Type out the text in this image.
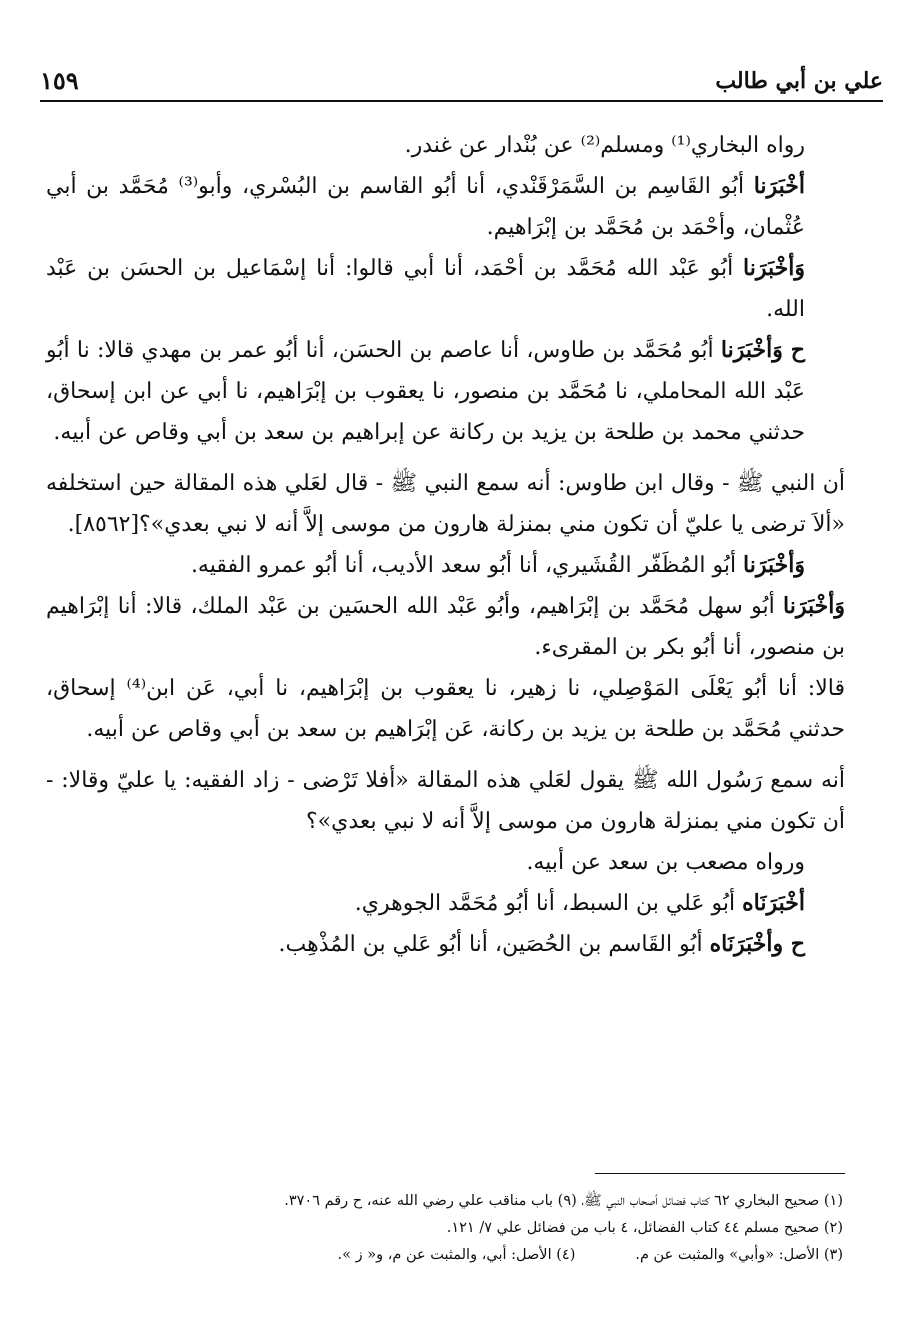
علي بن أبي طالب
١٥٩

رواه البخاري⁽¹⁾ ومسلم⁽²⁾ عن بُنْدار عن غندر.

أخْبَرَنا أبُو القَاسِم بن السَّمَرْقَنْدي، أنا أبُو القاسم بن البُسْري، وأبو⁽³⁾ مُحَمَّد بن أبي عُثْمان، وأحْمَد بن مُحَمَّد بن إبْرَاهيم.

وَأخْبَرَنا أبُو عَبْد الله مُحَمَّد بن أحْمَد، أنا أبي قالوا: أنا إسْمَاعيل بن الحسَن بن عَبْد الله.

ح وَأخْبَرَنا أبُو مُحَمَّد بن طاوس، أنا عاصم بن الحسَن، أنا أبُو عمر بن مهدي قالا: نا أبُو عَبْد الله المحاملي، نا مُحَمَّد بن منصور، نا يعقوب بن إبْرَاهيم، نا أبي عن ابن إسحاق، حدثني محمد بن طلحة بن يزيد بن ركانة عن إبراهيم بن سعد بن أبي وقاص عن أبيه.

أن النبي ﷺ - وقال ابن طاوس: أنه سمع النبي ﷺ - قال لعَلي هذه المقالة حين استخلفه «ألاَ ترضى يا عليّ أن تكون مني بمنزلة هارون من موسى إلاَّ أنه لا نبي بعدي»؟[٨٥٦٢].

وَأخْبَرَنا أبُو المُظَفّر القُشَيري، أنا أبُو سعد الأديب، أنا أبُو عمرو الفقيه.

وَأخْبَرَنا أبُو سهل مُحَمَّد بن إبْرَاهيم، وأبُو عَبْد الله الحسَين بن عَبْد الملك، قالا: أنا إبْرَاهيم بن منصور، أنا أبُو بكر بن المقرىء.

قالا: أنا أبُو يَعْلَى المَوْصِلي، نا زهير، نا يعقوب بن إبْرَاهيم، نا أبي، عَن ابن⁽⁴⁾ إسحاق، حدثني مُحَمَّد بن طلحة بن يزيد بن ركانة، عَن إبْرَاهيم بن سعد بن أبي وقاص عن أبيه.

أنه سمع رَسُول الله ﷺ يقول لعَلي هذه المقالة «أفلا تَرْضى - زاد الفقيه: يا عليّ وقالا: - أن تكون مني بمنزلة هارون من موسى إلاَّ أنه لا نبي بعدي»؟

ورواه مصعب بن سعد عن أبيه.

أخْبَرَنَاه أبُو عَلي بن السبط، أنا أبُو مُحَمَّد الجوهري.

ح وأخْبَرَنَاه أبُو القَاسم بن الحُصَين، أنا أبُو عَلي بن المُذْهِب.

(١) صحيح البخاري ٦٢ كتاب فضائل أصحاب النبي ﷺ، (٩) باب مناقب علي رضي الله عنه، ح رقم ٣٧٠٦.

(٢) صحيح مسلم ٤٤ كتاب الفضائل، ٤ باب من فضائل علي ٧/ ١٢١.

(٣) الأصل: «وأبي» والمثبت عن م.

(٤) الأصل: أبي، والمثبت عن م، و« ز ».
